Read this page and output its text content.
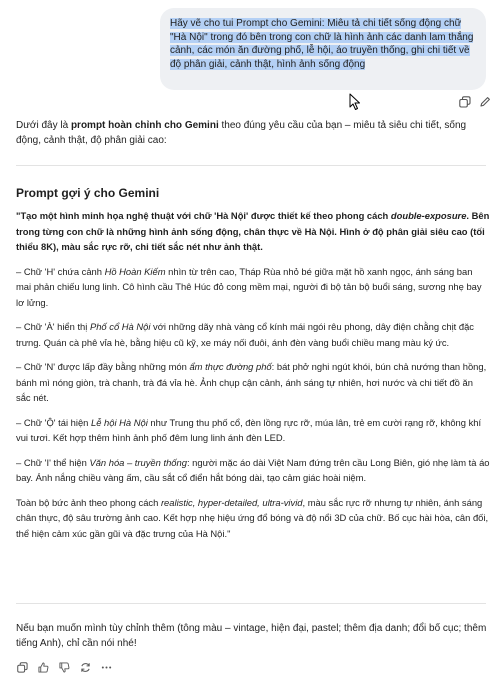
Hãy vẽ cho tui Prompt cho Gemini: Miêu tả chi tiết sống động chữ "Hà Nội" trong đó bên trong con chữ là hình ảnh các danh lam thắng cảnh, các món ăn đường phố, lễ hội, áo truyền thống, ghi chi tiết về độ phân giải, cảnh thật, hình ảnh sống động
Dưới đây là prompt hoàn chỉnh cho Gemini theo đúng yêu cầu của bạn – miêu tả siêu chi tiết, sống động, cảnh thật, độ phân giải cao:
Prompt gợi ý cho Gemini

"Tạo một hình minh họa nghệ thuật với chữ 'Hà Nội' được thiết kế theo phong cách double-exposure. Bên trong từng con chữ là những hình ảnh sống động, chân thực về Hà Nội. Hình ở độ phân giải siêu cao (tối thiểu 8K), màu sắc rực rỡ, chi tiết sắc nét như ảnh thật.

– Chữ 'H' chứa cảnh Hồ Hoàn Kiếm nhìn từ trên cao, Tháp Rùa nhỏ bé giữa mặt hồ xanh ngọc, ánh sáng ban mai phản chiếu lung linh. Cô hình cầu Thê Húc đỏ cong mềm mại, người đi bộ tản bộ buổi sáng, sương nhẹ bay lơ lửng.

– Chữ 'À' hiển thị Phố cổ Hà Nội với những dãy nhà vàng cổ kính mái ngói rêu phong, dây điện chằng chịt đặc trưng. Quán cà phê vỉa hè, bằng hiệu cũ kỹ, xe máy nối đuôi, ánh đèn vàng buổi chiều mang màu ký ức.

– Chữ 'N' được lấp đầy bằng những món ẩm thực đường phố: bát phở nghi ngút khói, bún chả nướng than hồng, bánh mì nóng giòn, trà chanh, trà đá vỉa hè. Ảnh chụp cận cảnh, ánh sáng tự nhiên, hơi nước và chi tiết đồ ăn sắc nét.

– Chữ 'Ộ' tái hiện Lễ hội Hà Nội như Trung thu phố cổ, đèn lồng rực rỡ, múa lân, trẻ em cười rạng rỡ, không khí vui tươi. Kết hợp thêm hình ảnh phố đêm lung linh ánh đèn LED.

– Chữ 'I' thể hiện Văn hóa – truyền thống: người mặc áo dài Việt Nam đứng trên cầu Long Biên, gió nhẹ làm tà áo bay. Ánh nắng chiều vàng ấm, cầu sắt cổ điển hắt bóng dài, tạo cảm giác hoài niệm.

Toàn bộ bức ảnh theo phong cách realistic, hyper-detailed, ultra-vivid, màu sắc rực rỡ nhưng tự nhiên, ánh sáng chân thực, độ sâu trường ảnh cao. Kết hợp nhẹ hiệu ứng đổ bóng và độ nổi 3D của chữ. Bố cục hài hòa, cân đối, thể hiện cảm xúc gần gũi và đặc trưng của Hà Nội."

Nếu bạn muốn mình tùy chỉnh thêm (tông màu – vintage, hiện đại, pastel; thêm địa danh; đổi bố cục; thêm tiếng Anh), chỉ cần nói nhé!
